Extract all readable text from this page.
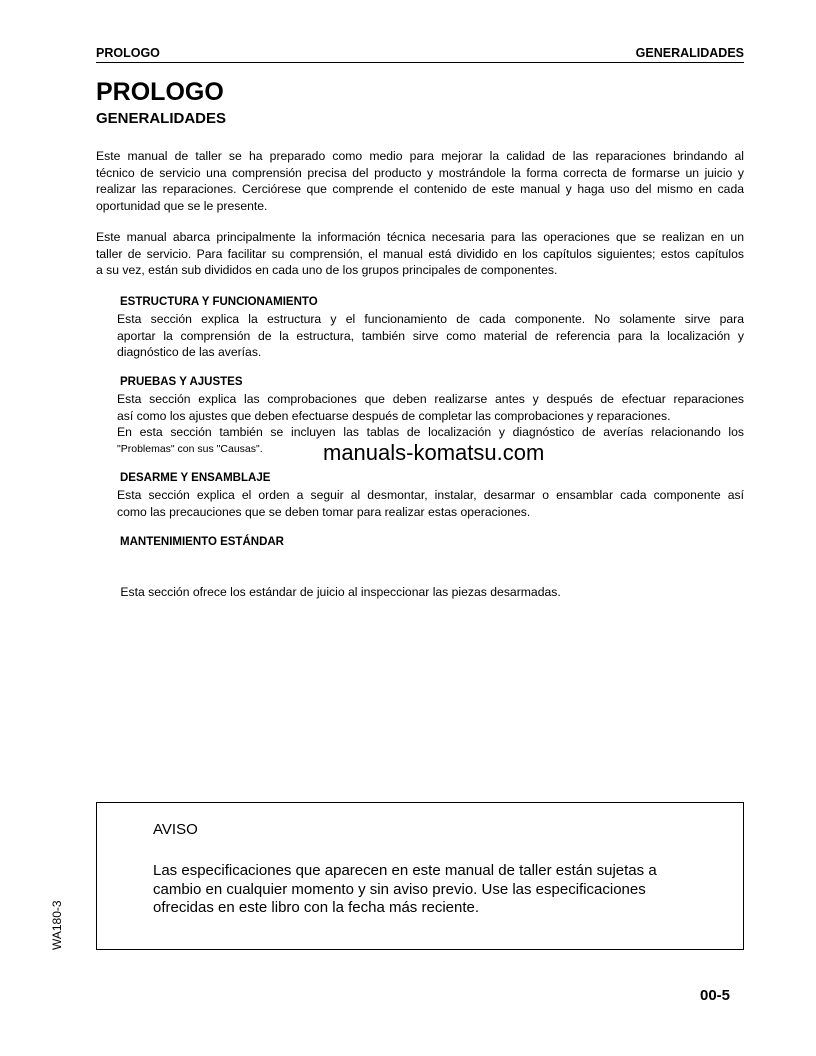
PROLOGO	GENERALIDADES
PROLOGO
GENERALIDADES
Este manual de taller se ha preparado como medio para mejorar la calidad de las reparaciones brindando al
técnico de servicio una comprensión precisa del producto y mostrándole la forma correcta de formarse un juicio y
realizar las reparaciones. Cerciórese que comprende el contenido de este manual y haga uso del mismo en cada
oportunidad que se le presente.
Este manual abarca principalmente la información técnica necesaria para las operaciones que se realizan en un
taller de servicio. Para facilitar su comprensión, el manual está dividido en los capítulos siguientes; estos capítulos
a su vez, están sub divididos en cada uno de los grupos principales de componentes.
ESTRUCTURA Y FUNCIONAMIENTO
Esta sección explica la estructura y el funcionamiento de cada componente. No solamente sirve para
aportar la comprensión de la estructura, también sirve como material de referencia para la localización y
diagnóstico de las averías.
PRUEBAS Y AJUSTES
Esta sección explica las comprobaciones que deben realizarse antes y después de efectuar reparaciones
así como los ajustes que deben efectuarse después de completar las comprobaciones y reparaciones.
En esta sección también se incluyen las tablas de localización y diagnóstico de averías relacionando los
"Problemas" con sus "Causas".	manuals-komatsu.com
DESARME Y ENSAMBLAJE
Esta sección explica el orden a seguir al desmontar, instalar, desarmar o ensamblar cada componente así
como las precauciones que se deben tomar para realizar estas operaciones.
MANTENIMIENTO ESTÁNDAR

Esta sección ofrece los estándar de juicio al inspeccionar las piezas desarmadas.

AVISO
Las especificaciones que aparecen en este manual de taller están sujetas a
cambio en cualquier momento y sin aviso previo. Use las especificaciones
ofrecidas en este libro con la fecha más reciente.
WA180-3
00-5
